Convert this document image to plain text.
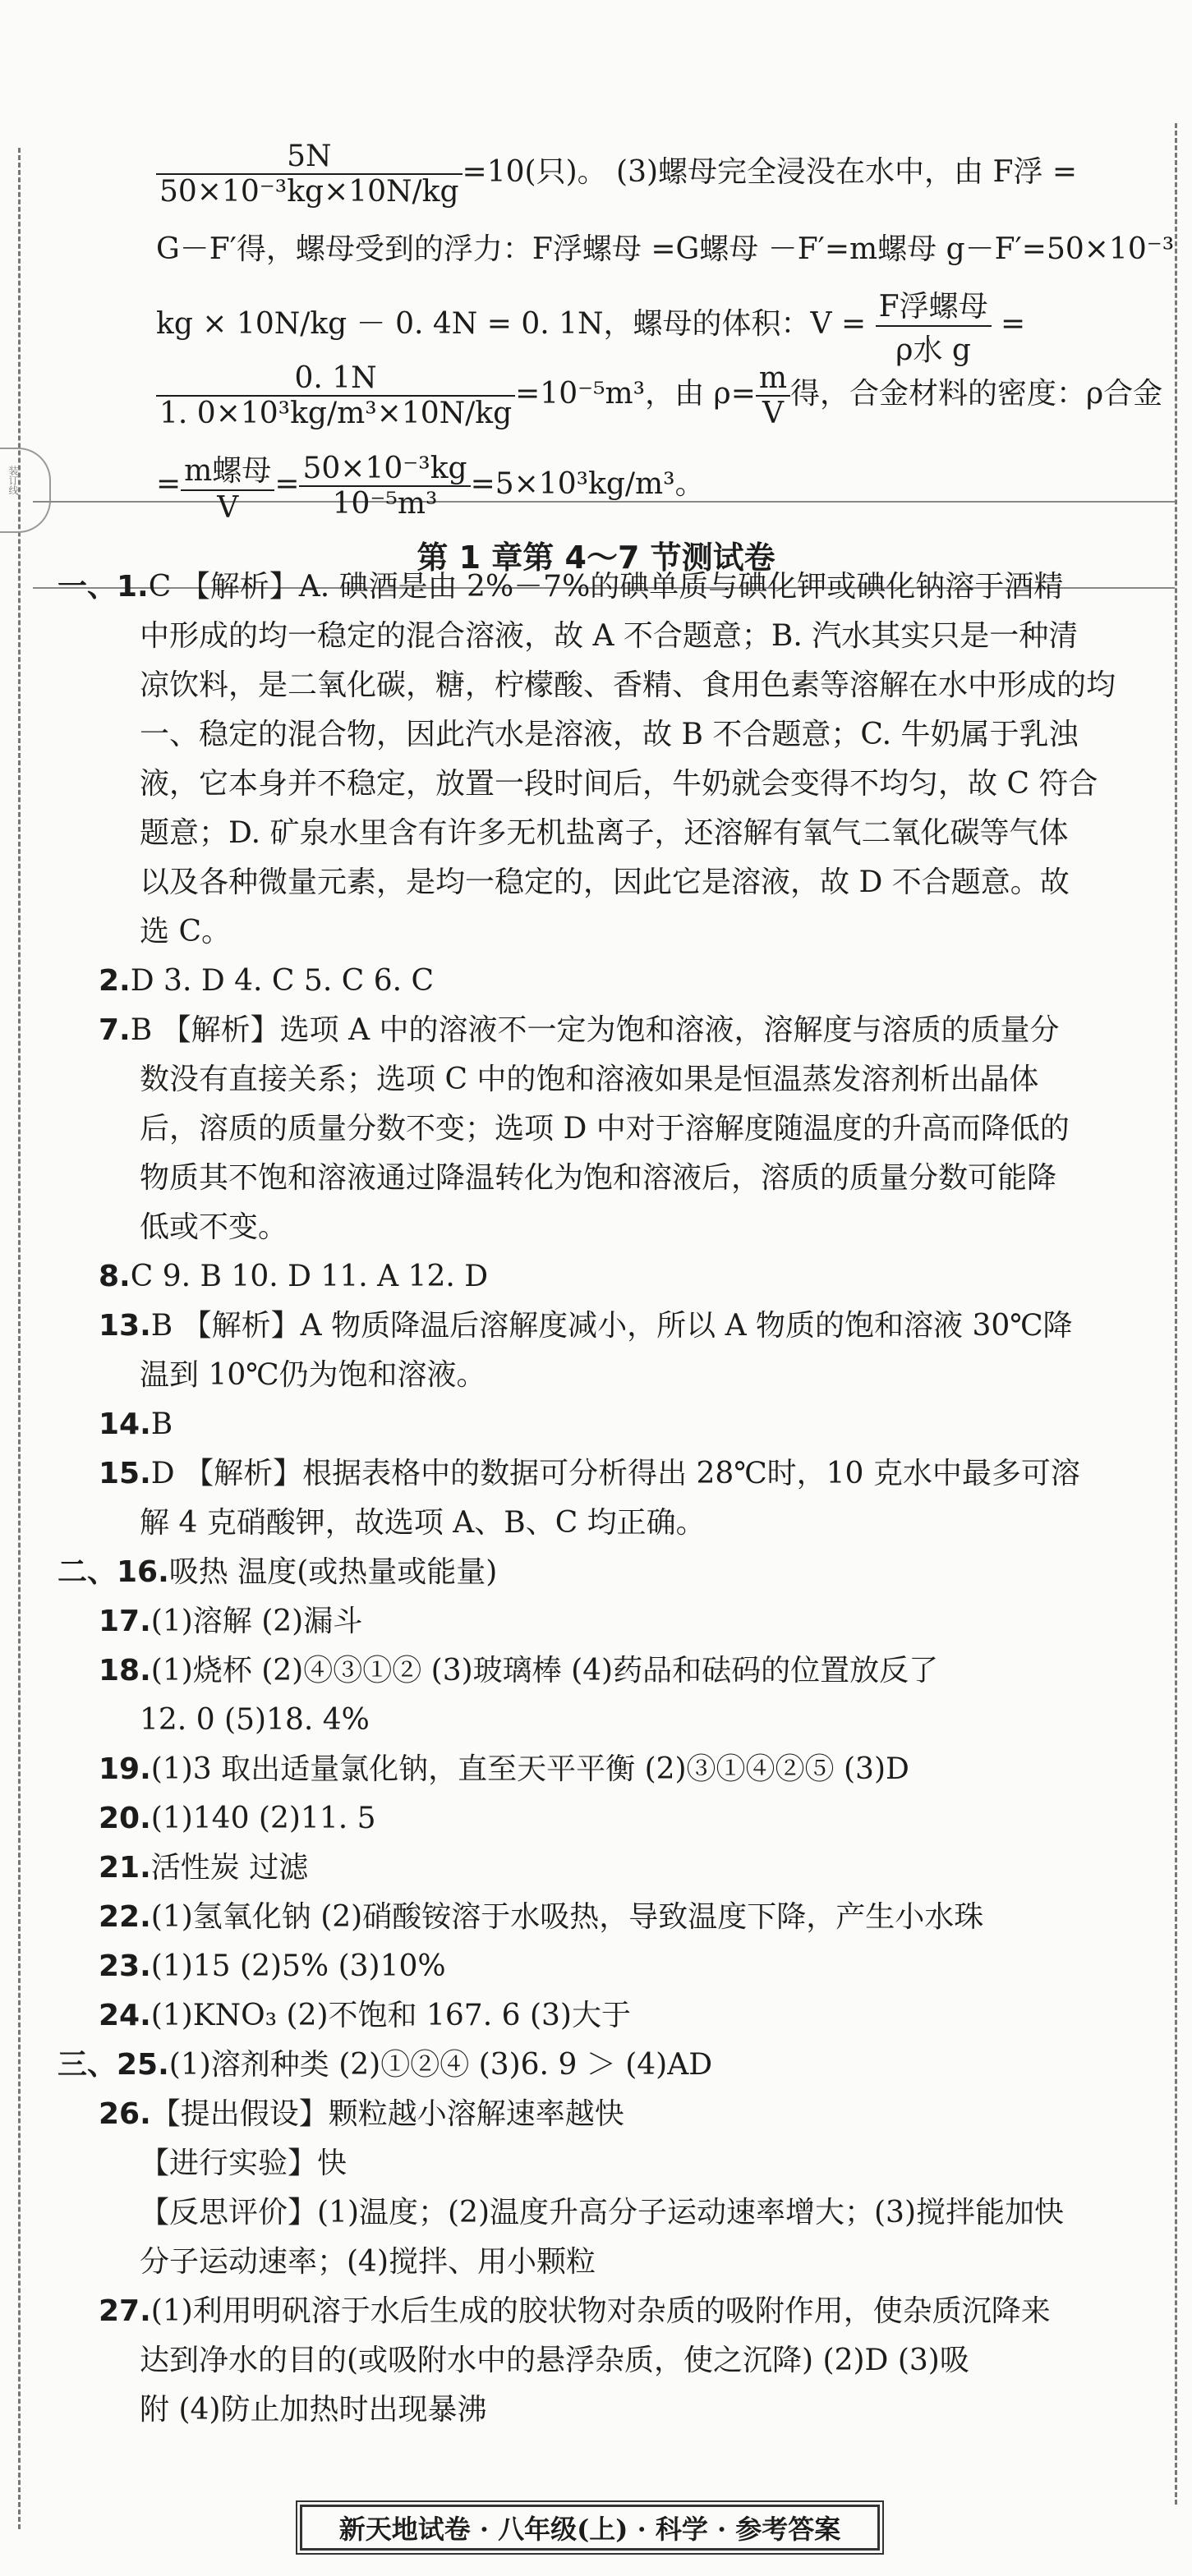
装订线
$\frac{5N}{\text{50×10⁻³kg×10N/kg}} =10$(只)。 (3)螺母完全浸没在水中，由 F浮 =
G－F′得，螺母受到的浮力：F浮螺母 =G螺母 －F′=m螺母 g－F′=50×10⁻³
kg × 10N/kg － 0. 4N = 0. 1N，螺母的体积：$V = \frac{\text{F浮螺母}}{\text{ρ水 g}}$ =
$\frac{0. 1N}{\text{1. 0×10³kg/m³×10N/kg}} =10^{-5}m^3$，由 $\rho= \frac{m}{V}$ 得，合金材料的密度：ρ合金
= $\frac{\text{m螺母}}{V} = \frac{\text{50×10⁻³kg}}{\text{10⁻⁵m³}} =5\times 10^3kg/m^3$。
第 1 章第 4～7 节测试卷
一、1.C 【解析】A. 碘酒是由 2%－7%的碘单质与碘化钾或碘化钠溶于酒精
中形成的均一稳定的混合溶液，故 A 不合题意；B. 汽水其实只是一种清
凉饮料，是二氧化碳，糖，柠檬酸、香精、食用色素等溶解在水中形成的均
一、稳定的混合物，因此汽水是溶液，故 B 不合题意；C. 牛奶属于乳浊
液，它本身并不稳定，放置一段时间后，牛奶就会变得不均匀，故 C 符合
题意；D. 矿泉水里含有许多无机盐离子，还溶解有氧气二氧化碳等气体
以及各种微量元素，是均一稳定的，因此它是溶液，故 D 不合题意。故
选 C。
2.D 3. D 4. C 5. C 6. C
7.B 【解析】选项 A 中的溶液不一定为饱和溶液，溶解度与溶质的质量分
数没有直接关系；选项 C 中的饱和溶液如果是恒温蒸发溶剂析出晶体
后，溶质的质量分数不变；选项 D 中对于溶解度随温度的升高而降低的
物质其不饱和溶液通过降温转化为饱和溶液后，溶质的质量分数可能降
低或不变。
8.C 9. B 10. D 11. A 12. D
13.B 【解析】A 物质降温后溶解度减小，所以 A 物质的饱和溶液 30℃降
温到 10℃仍为饱和溶液。
14.B
15.D 【解析】根据表格中的数据可分析得出 28℃时，10 克水中最多可溶
解 4 克硝酸钾，故选项 A、B、C 均正确。
二、16.吸热 温度(或热量或能量)
17.(1)溶解 (2)漏斗
18.(1)烧杯 (2)④③①② (3)玻璃棒 (4)药品和砝码的位置放反了
12. 0 (5)18. 4%
19.(1)3 取出适量氯化钠，直至天平平衡 (2)③①④②⑤ (3)D
20.(1)140 (2)11. 5
21.活性炭 过滤
22.(1)氢氧化钠 (2)硝酸铵溶于水吸热，导致温度下降，产生小水珠
23.(1)15 (2)5% (3)10%
24.(1)KNO₃ (2)不饱和 167. 6 (3)大于
三、25.(1)溶剂种类 (2)①②④ (3)6. 9 ＞ (4)AD
26.【提出假设】颗粒越小溶解速率越快
【进行实验】快
【反思评价】(1)温度；(2)温度升高分子运动速率增大；(3)搅拌能加快
分子运动速率；(4)搅拌、用小颗粒
27.(1)利用明矾溶于水后生成的胶状物对杂质的吸附作用，使杂质沉降来
达到净水的目的(或吸附水中的悬浮杂质，使之沉降) (2)D (3)吸
附 (4)防止加热时出现暴沸
新天地试卷 · 八年级(上) · 科学 · 参考答案
